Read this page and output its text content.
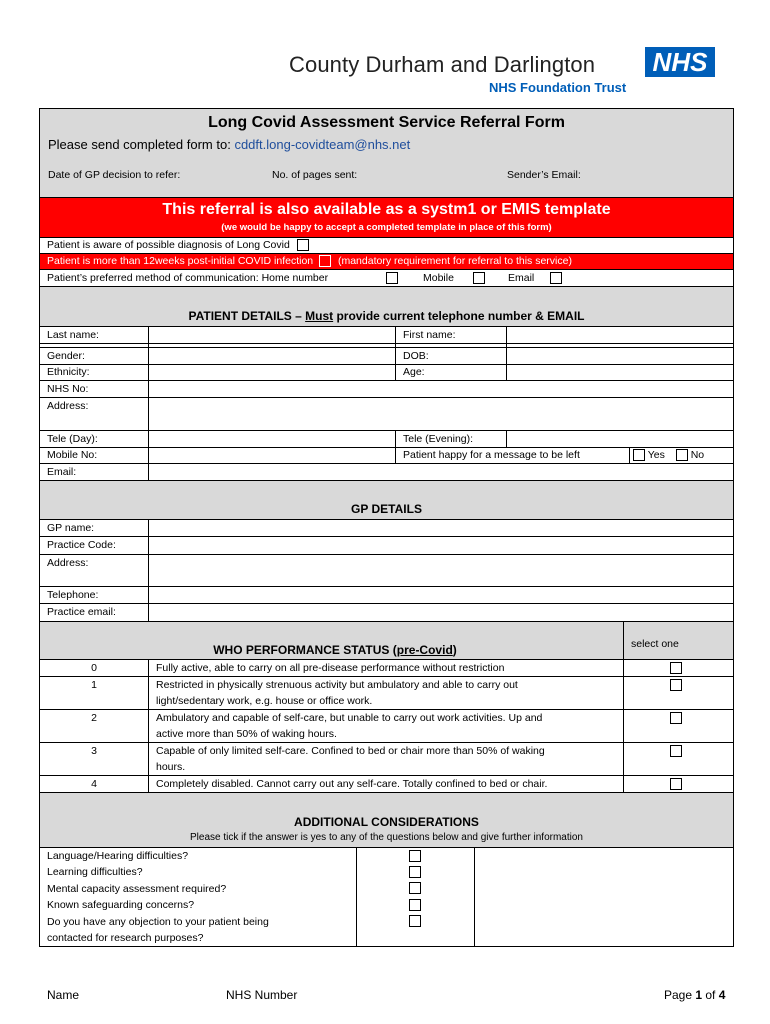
County Durham and Darlington NHS
NHS Foundation Trust
Long Covid Assessment Service Referral Form
Please send completed form to: cddft.long-covidteam@nhs.net
Date of GP decision to refer:	No. of pages sent:	Sender’s Email:
This referral is also available as a systm1 or EMIS template
(we would be happy to accept a completed template in place of this form)
Patient is aware of possible diagnosis of Long Covid
Patient is more than 12weeks post-initial COVID infection (mandatory requirement for referral to this service)
Patient’s preferred method of communication: Home number	Mobile	Email
PATIENT DETAILS – Must provide current telephone number & EMAIL
Last name:	First name:
Gender:	DOB:
Ethnicity:	Age:
NHS No:
Address:
Tele (Day):	Tele (Evening):
Mobile No:	Patient happy for a message to be left	Yes No
Email:
GP DETAILS
GP name:
Practice Code:
Address:
Telephone:
Practice email:
WHO PERFORMANCE STATUS (pre-Covid)	select one
0	Fully active, able to carry on all pre-disease performance without restriction
1	Restricted in physically strenuous activity but ambulatory and able to carry out
light/sedentary work, e.g. house or office work.
2	Ambulatory and capable of self-care, but unable to carry out work activities. Up and
active more than 50% of waking hours.
3	Capable of only limited self-care. Confined to bed or chair more than 50% of waking
hours.
4	Completely disabled. Cannot carry out any self-care. Totally confined to bed or chair.
ADDITIONAL CONSIDERATIONS
Please tick if the answer is yes to any of the questions below and give further information
Language/Hearing difficulties?
Learning difficulties?
Mental capacity assessment required?
Known safeguarding concerns?
Do you have any objection to your patient being
contacted for research purposes?
Name	NHS Number	Page 1 of 4
